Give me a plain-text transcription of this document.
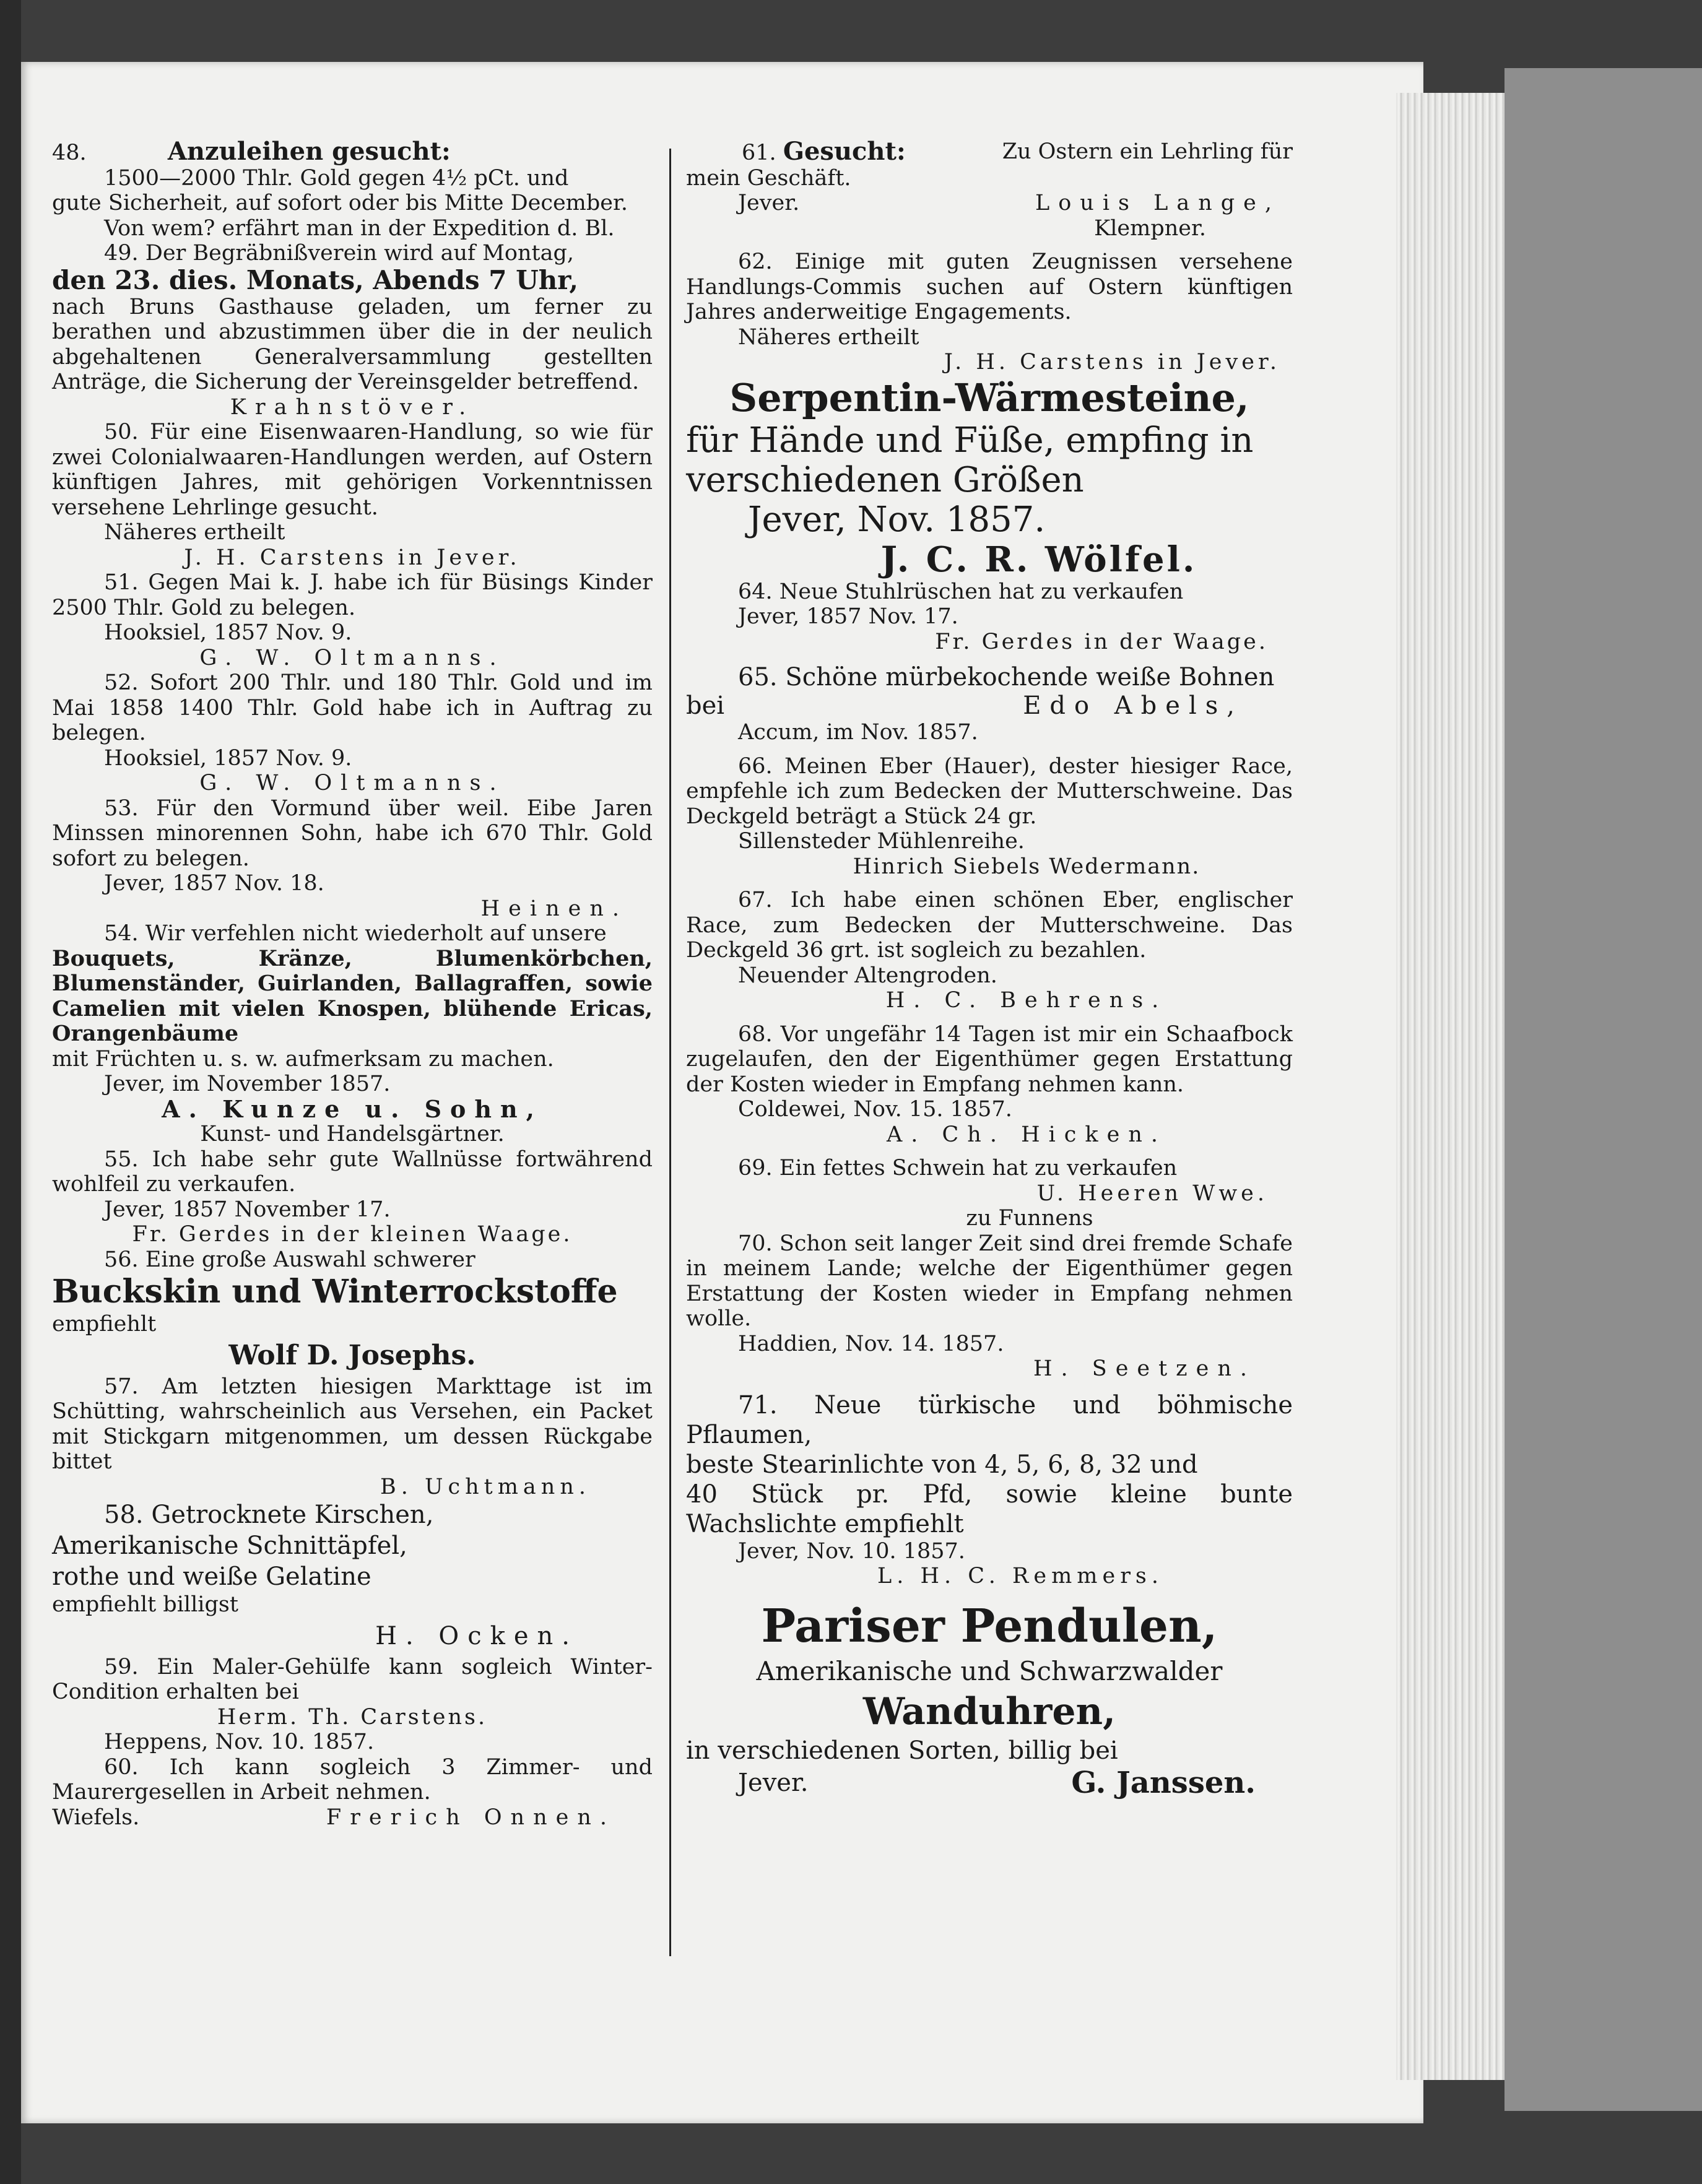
48.	Anzuleihen gesucht:

1500—2000 Thlr. Gold gegen 4½ pCt. und

gute Sicherheit, auf sofort oder bis Mitte December.

Von wem? erfährt man in der Expedition d. Bl.

49. Der Begräbnißverein wird auf Montag,

den 23. dies. Monats, Abends 7 Uhr,

nach Bruns Gasthause geladen, um ferner zu berathen und abzustimmen über die in der neulich abgehaltenen Generalversammlung gestellten Anträge, die Sicherung der Vereinsgelder betreffend.

Krahnstöver.

50. Für eine Eisenwaaren-Handlung, so wie für zwei Colonialwaaren-Handlungen werden, auf Ostern künftigen Jahres, mit gehörigen Vorkenntnissen versehene Lehrlinge gesucht.

Näheres ertheilt

J. H. Carstens in Jever.

51. Gegen Mai k. J. habe ich für Büsings Kinder 2500 Thlr. Gold zu belegen.

Hooksiel, 1857 Nov. 9.

G. W. Oltmanns.

52. Sofort 200 Thlr. und 180 Thlr. Gold und im Mai 1858 1400 Thlr. Gold habe ich in Auftrag zu belegen.

Hooksiel, 1857 Nov. 9.

G. W. Oltmanns.

53. Für den Vormund über weil. Eibe Jaren Minssen minorennen Sohn, habe ich 670 Thlr. Gold sofort zu belegen.

Jever, 1857 Nov. 18.

Heinen.

54. Wir verfehlen nicht wiederholt auf unsere

Bouquets, Kränze, Blumenkörbchen, Blumenständer, Guirlanden, Ballagraffen, sowie Camelien mit vielen Knospen, blühende Ericas, Orangenbäume

mit Früchten u. s. w. aufmerksam zu machen.

Jever, im November 1857.

A. Kunze u. Sohn,

Kunst- und Handelsgärtner.

55. Ich habe sehr gute Wallnüsse fortwährend wohlfeil zu verkaufen.

Jever, 1857 November 17.

Fr. Gerdes in der kleinen Waage.

56. Eine große Auswahl schwerer

Buckskin und Winterrockstoffe

empfiehlt

Wolf D. Josephs.

57. Am letzten hiesigen Markttage ist im Schütting, wahrscheinlich aus Versehen, ein Packet mit Stickgarn mitgenommen, um dessen Rückgabe bittet

B. Uchtmann.

58. Getrocknete Kirschen,

Amerikanische Schnittäpfel,

rothe und weiße Gelatine

empfiehlt billigst

H. Ocken.

59. Ein Maler-Gehülfe kann sogleich Winter-Condition erhalten bei

Herm. Th. Carstens.

Heppens, Nov. 10. 1857.

60. Ich kann sogleich 3 Zimmer- und Maurergesellen in Arbeit nehmen.

Wiefels.	Frerich Onnen.

61. Gesucht:	Zu Ostern ein Lehrling für

mein Geschäft.

Jever.	Louis Lange,

Klempner.

62. Einige mit guten Zeugnissen versehene Handlungs-Commis suchen auf Ostern künftigen Jahres anderweitige Engagements.

Näheres ertheilt

J. H. Carstens in Jever.

Serpentin-Wärmesteine,

für Hände und Füße, empfing in

verschiedenen Größen

Jever, Nov. 1857.

J. C. R. Wölfel.

64. Neue Stuhlrüschen hat zu verkaufen

Jever, 1857 Nov. 17.

Fr. Gerdes in der Waage.

65. Schöne mürbekochende weiße Bohnen

bei	Edo Abels,

Accum, im Nov. 1857.

66. Meinen Eber (Hauer), dester hiesiger Race, empfehle ich zum Bedecken der Mutterschweine. Das Deckgeld beträgt a Stück 24 gr.

Sillensteder Mühlenreihe.

Hinrich Siebels Wedermann.

67. Ich habe einen schönen Eber, englischer Race, zum Bedecken der Mutterschweine. Das Deckgeld 36 grt. ist sogleich zu bezahlen.

Neuender Altengroden.

H. C. Behrens.

68. Vor ungefähr 14 Tagen ist mir ein Schaafbock zugelaufen, den der Eigenthümer gegen Erstattung der Kosten wieder in Empfang nehmen kann.

Coldewei, Nov. 15. 1857.

A. Ch. Hicken.

69. Ein fettes Schwein hat zu verkaufen

U. Heeren Wwe.

zu Funnens

70. Schon seit langer Zeit sind drei fremde Schafe in meinem Lande; welche der Eigenthümer gegen Erstattung der Kosten wieder in Empfang nehmen wolle.

Haddien, Nov. 14. 1857.

H. Seetzen.

71. Neue türkische und böhmische Pflaumen,

beste Stearinlichte von 4, 5, 6, 8, 32 und

40 Stück pr. Pfd, sowie kleine bunte Wachslichte empfiehlt

Jever, Nov. 10. 1857.

L. H. C. Remmers.

Pariser Pendulen,

Amerikanische und Schwarzwalder

Wanduhren,

in verschiedenen Sorten, billig bei

Jever.	G. Janssen.
